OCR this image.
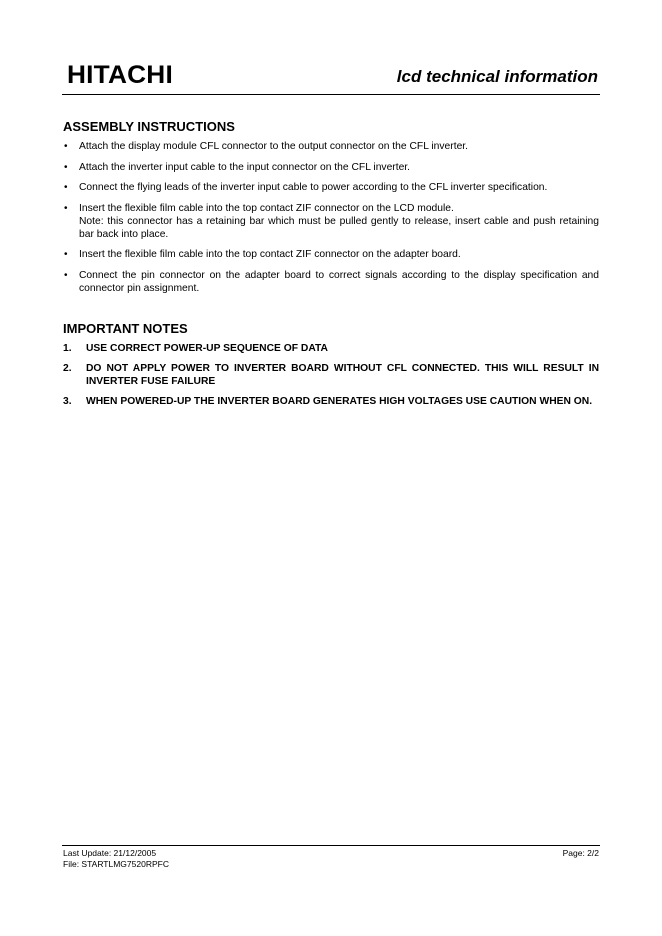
HITACHI	lcd technical information
ASSEMBLY INSTRUCTIONS
• Attach the display module CFL connector to the output connector on the CFL inverter.
• Attach the inverter input cable to the input connector on the CFL inverter.
• Connect the flying leads of the inverter input cable to power according to the CFL inverter specification.
• Insert the flexible film cable into the top contact ZIF connector on the LCD module.
Note: this connector has a retaining bar which must be pulled gently to release, insert cable and push retaining bar back into place.
• Insert the flexible film cable into the top contact ZIF connector on the adapter board.
• Connect the pin connector on the adapter board to correct signals according to the display specification and connector pin assignment.
IMPORTANT NOTES
1. USE CORRECT POWER-UP SEQUENCE OF DATA
2. DO NOT APPLY POWER TO INVERTER BOARD WITHOUT CFL CONNECTED. THIS WILL RESULT IN INVERTER FUSE FAILURE
3. WHEN POWERED-UP THE INVERTER BOARD GENERATES HIGH VOLTAGES USE CAUTION WHEN ON.
Last Update: 21/12/2005
File: STARTLMG7520RPFC
Page: 2/2
